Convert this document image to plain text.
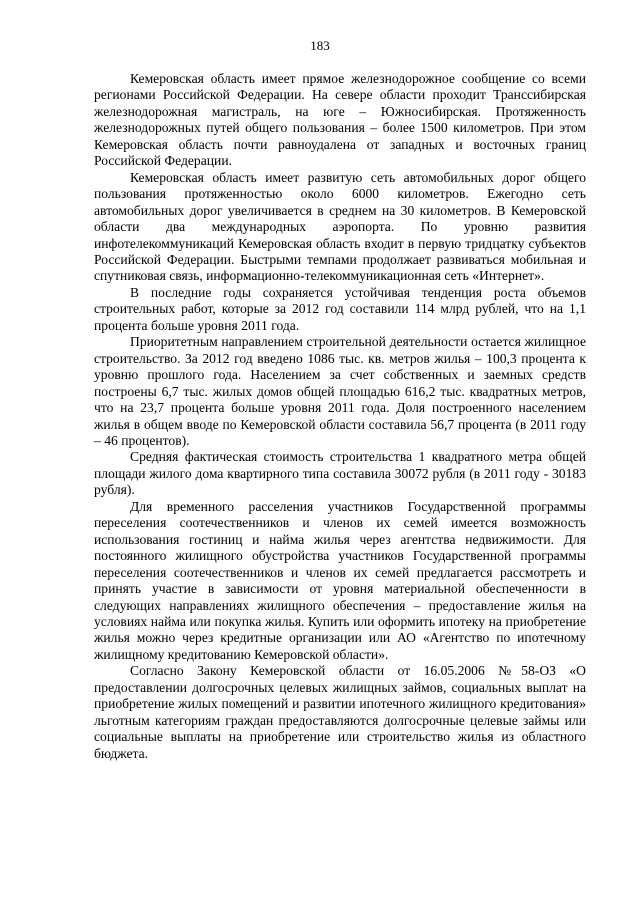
183

Кемеровская область имеет прямое железнодорожное сообщение со всеми регионами Российской Федерации. На севере области проходит Транссибирская железнодорожная магистраль, на юге – Южносибирская. Протяженность железнодорожных путей общего пользования – более 1500 километров. При этом Кемеровская область почти равноудалена от западных и восточных границ Российской Федерации.

Кемеровская область имеет развитую сеть автомобильных дорог общего пользования протяженностью около 6000 километров. Ежегодно сеть автомобильных дорог увеличивается в среднем на 30 километров. В Кемеровской области два международных аэропорта. По уровню развития инфотелекоммуникаций Кемеровская область входит в первую тридцатку субъектов Российской Федерации. Быстрыми темпами продолжает развиваться мобильная и спутниковая связь, информационно-телекоммуникационная сеть «Интернет».

В последние годы сохраняется устойчивая тенденция роста объемов строительных работ, которые за 2012 год составили 114 млрд рублей, что на 1,1 процента больше уровня 2011 года.

Приоритетным направлением строительной деятельности остается жилищное строительство. За 2012 год введено 1086 тыс. кв. метров жилья – 100,3 процента к уровню прошлого года. Населением за счет собственных и заемных средств построены 6,7 тыс. жилых домов общей площадью 616,2 тыс. квадратных метров, что на 23,7 процента больше уровня 2011 года. Доля построенного населением жилья в общем вводе по Кемеровской области составила 56,7 процента (в 2011 году – 46 процентов).

Средняя фактическая стоимость строительства 1 квадратного метра общей площади жилого дома квартирного типа составила 30072 рубля (в 2011 году - 30183 рубля).

Для временного расселения участников Государственной программы переселения соотечественников и членов их семей имеется возможность использования гостиниц и найма жилья через агентства недвижимости. Для постоянного жилищного обустройства участников Государственной программы переселения соотечественников и членов их семей предлагается рассмотреть и принять участие в зависимости от уровня материальной обеспеченности в следующих направлениях жилищного обеспечения – предоставление жилья на условиях найма или покупка жилья. Купить или оформить ипотеку на приобретение жилья можно через кредитные организации или АО «Агентство по ипотечному жилищному кредитованию Кемеровской области».

Согласно Закону Кемеровской области от 16.05.2006 №58-ОЗ «О предоставлении долгосрочных целевых жилищных займов, социальных выплат на приобретение жилых помещений и развитии ипотечного жилищного кредитования» льготным категориям граждан предоставляются долгосрочные целевые займы или социальные выплаты на приобретение или строительство жилья из областного бюджета.
